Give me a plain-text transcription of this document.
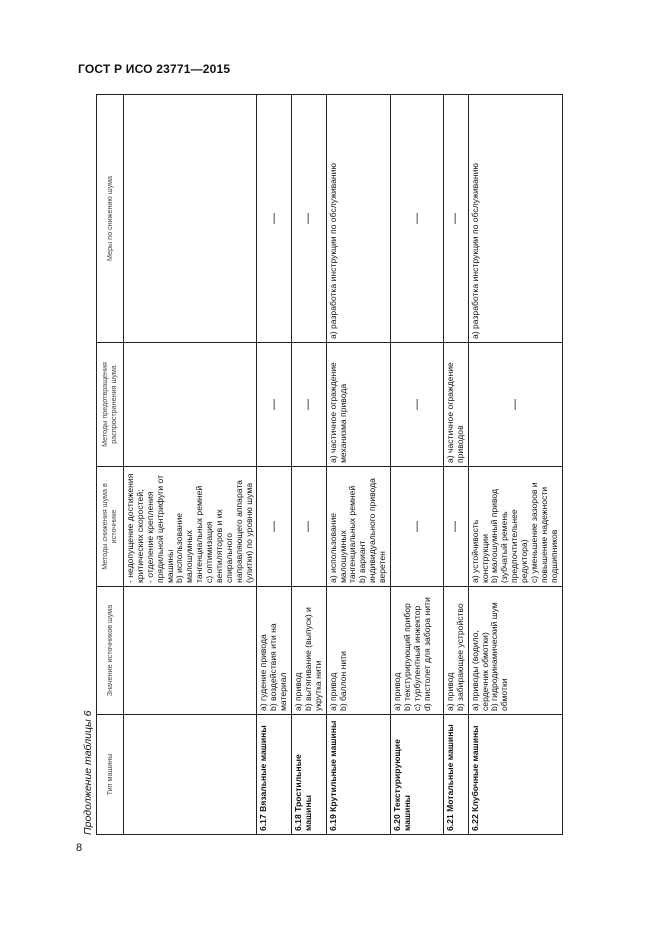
ГОСТ Р ИСО 23771—2015
Продолжение таблицы 6
8
Тип машины	Значение источников шума	Методы снижения шума в источнике	Методы предотвращения распространения шума	Меры по снижению шума

		- недопущение достижения критических скоростей; - отделение крепления прядильной центрифуги от машины b) использование малошумных тангенциальных ремней c) оптимизация вентиляторов и их спирального направляющего аппарата (улитки) по уровню шума		

6.17 Вязальные машины	a) гудение привода b) воздействия ити на материал	—	—	—
6.18 Тростильные машины	a) привод b) вытягивание (выпуск) и укрутка нити	—	—	—
6.19 Крутильные машины	a) привод b) баллон нити	a) использование малошумных тангенциальных ремней b) вариант индивидуального привода веретен	a) частичное ограждение механизма привода	a) разработка инструкции по обслуживанию
6.20 Текстурирующие машины	a) привод b) текстурирующий прибор c) турбулентный инжектор d) пистолет для забора нити	—	—	—
6.21 Мотальные машины	a) привод b) забирающее устройство	—	a) частичное ограждение приводов	—
6.22 Клубочные машины	a) приводы (водило, сердечник обмотки) b) гидродинамический шум обмотки	a) устойчивость конструкции b) малошумный привод (зубчатый ремень предпочтительнее редуктора) c) уменьшение зазоров и повышение надежности подшипников	—	a) разработка инструкции по обслуживанию
